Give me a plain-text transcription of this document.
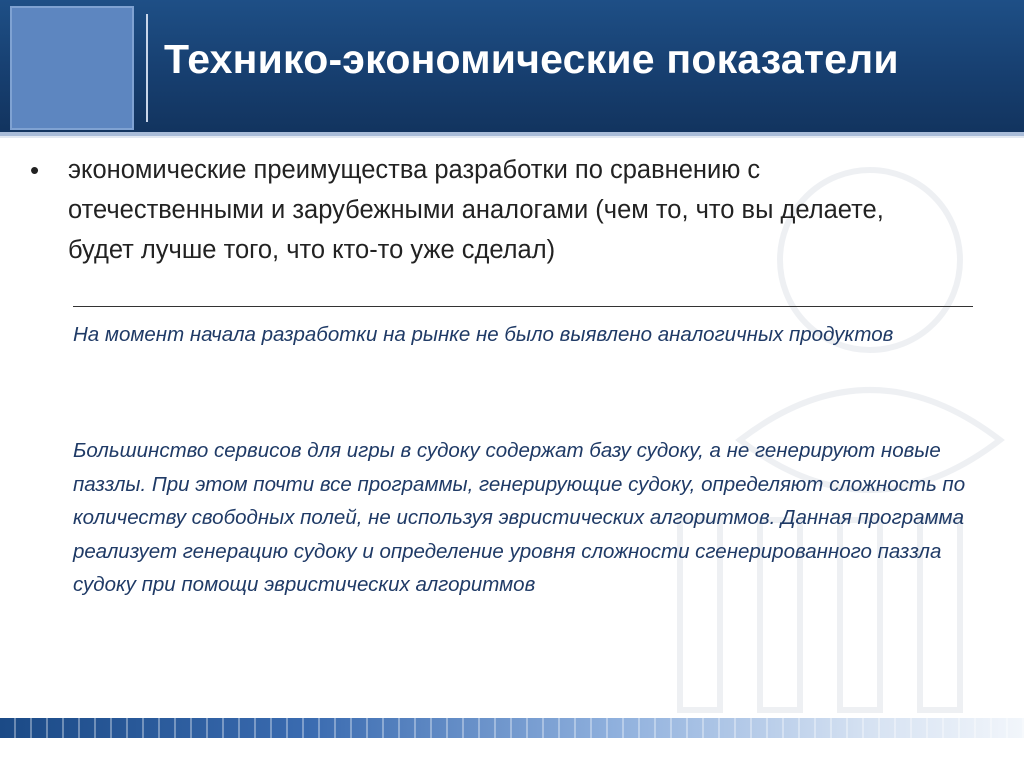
Технико-экономические показатели
• экономические преимущества разработки по сравнению с отечественными и зарубежными аналогами (чем то, что вы делаете, будет лучше того, что кто-то уже сделал)
На момент начала разработки на рынке не было выявлено аналогичных продуктов
Большинство сервисов для игры в судоку содержат базу судоку, а не генерируют новые паззлы. При этом почти все программы, генерирующие судоку, определяют сложность по количеству свободных полей, не используя эвристических алгоритмов. Данная программа реализует генерацию судоку и определение уровня сложности сгенерированного паззла судоку при помощи эвристических алгоритмов
